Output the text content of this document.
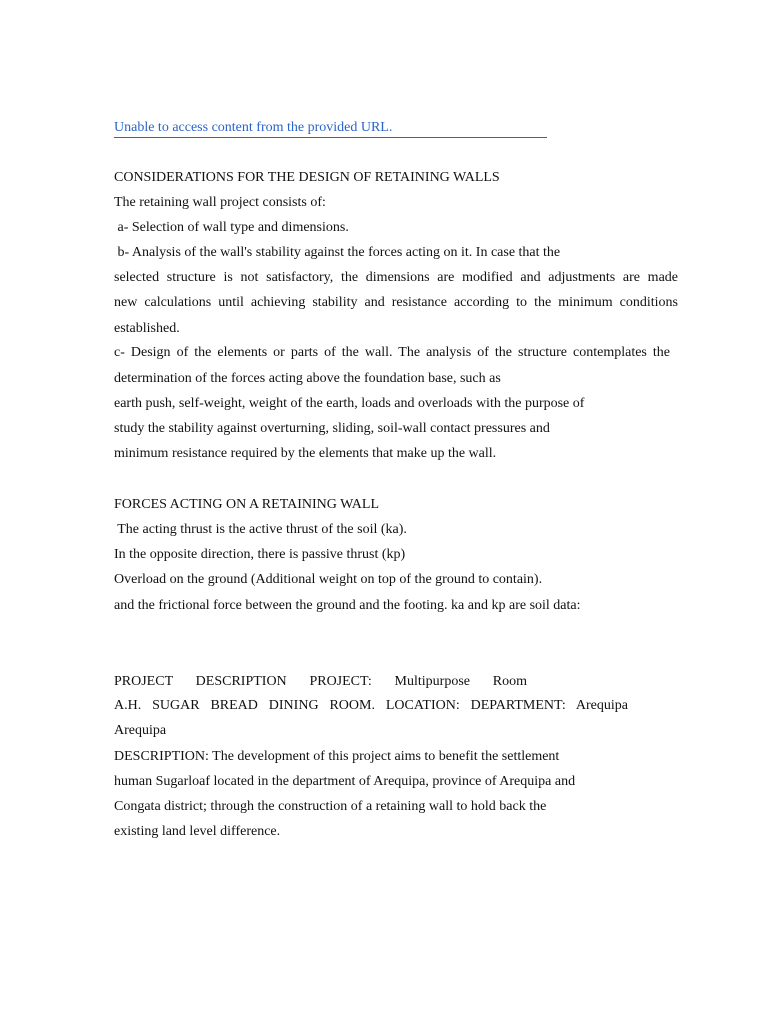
Unable to access content from the provided URL.
CONSIDERATIONS FOR THE DESIGN OF RETAINING WALLS
The retaining wall project consists of:
a- Selection of wall type and dimensions.
b- Analysis of the wall's stability against the forces acting on it. In case that the
selected structure is not satisfactory, the dimensions are modified and adjustments are made
new calculations until achieving stability and resistance according to the minimum conditions
established.
c- Design of the elements or parts of the wall. The analysis of the structure contemplates the
determination of the forces acting above the foundation base, such as
earth push, self-weight, weight of the earth, loads and overloads with the purpose of
study the stability against overturning, sliding, soil-wall contact pressures and
minimum resistance required by the elements that make up the wall.
FORCES ACTING ON A RETAINING WALL
The acting thrust is the active thrust of the soil (ka).
In the opposite direction, there is passive thrust (kp)
Overload on the ground (Additional weight on top of the ground to contain).
and the frictional force between the ground and the footing. ka and kp are soil data:
PROJECT DESCRIPTION PROJECT: Multipurpose Room
A.H. SUGAR BREAD DINING ROOM. LOCATION: DEPARTMENT: Arequipa
Arequipa
DESCRIPTION: The development of this project aims to benefit the settlement
human Sugarloaf located in the department of Arequipa, province of Arequipa and
Congata district; through the construction of a retaining wall to hold back the
existing land level difference.
